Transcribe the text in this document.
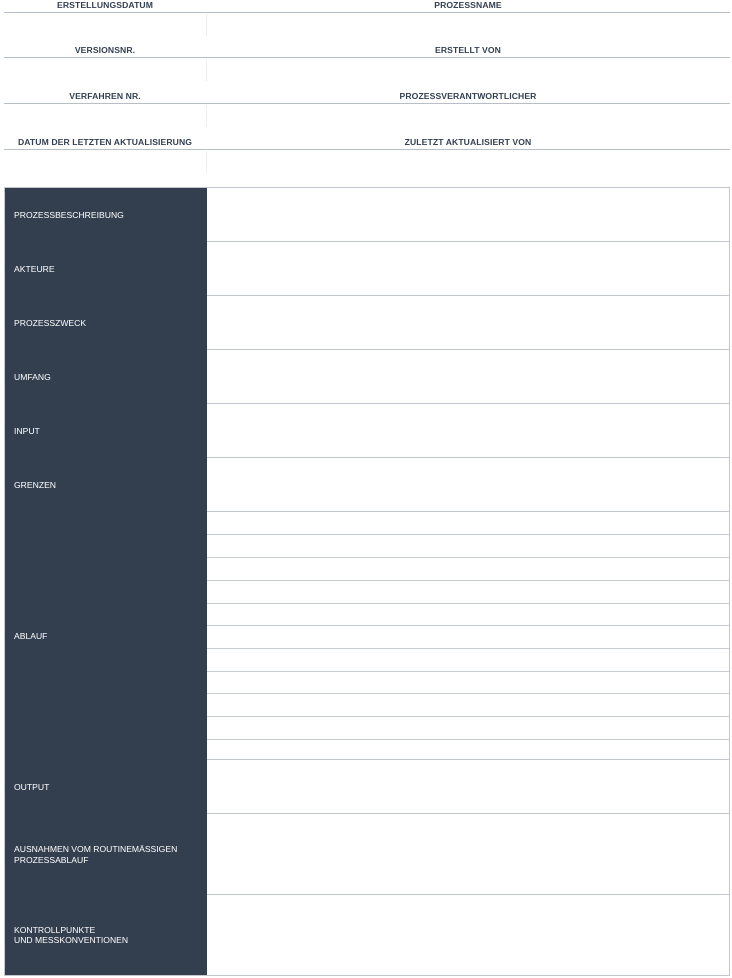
ERSTELLUNGSDATUM	PROZESSNAME
VERSIONSNR.	ERSTELLT VON
VERFAHREN NR.	PROZESSVERANTWORTLICHER
DATUM DER LETZTEN AKTUALISIERUNG	ZULETZT AKTUALISIERT VON
PROZESSBESCHREIBUNG
AKTEURE
PROZESSZWECK
UMFANG
INPUT
GRENZEN
ABLAUF
OUTPUT
AUSNAHMEN VOM ROUTINEMÄSSIGEN
PROZESSABLAUF
KONTROLLPUNKTE
UND MESSKONVENTIONEN
